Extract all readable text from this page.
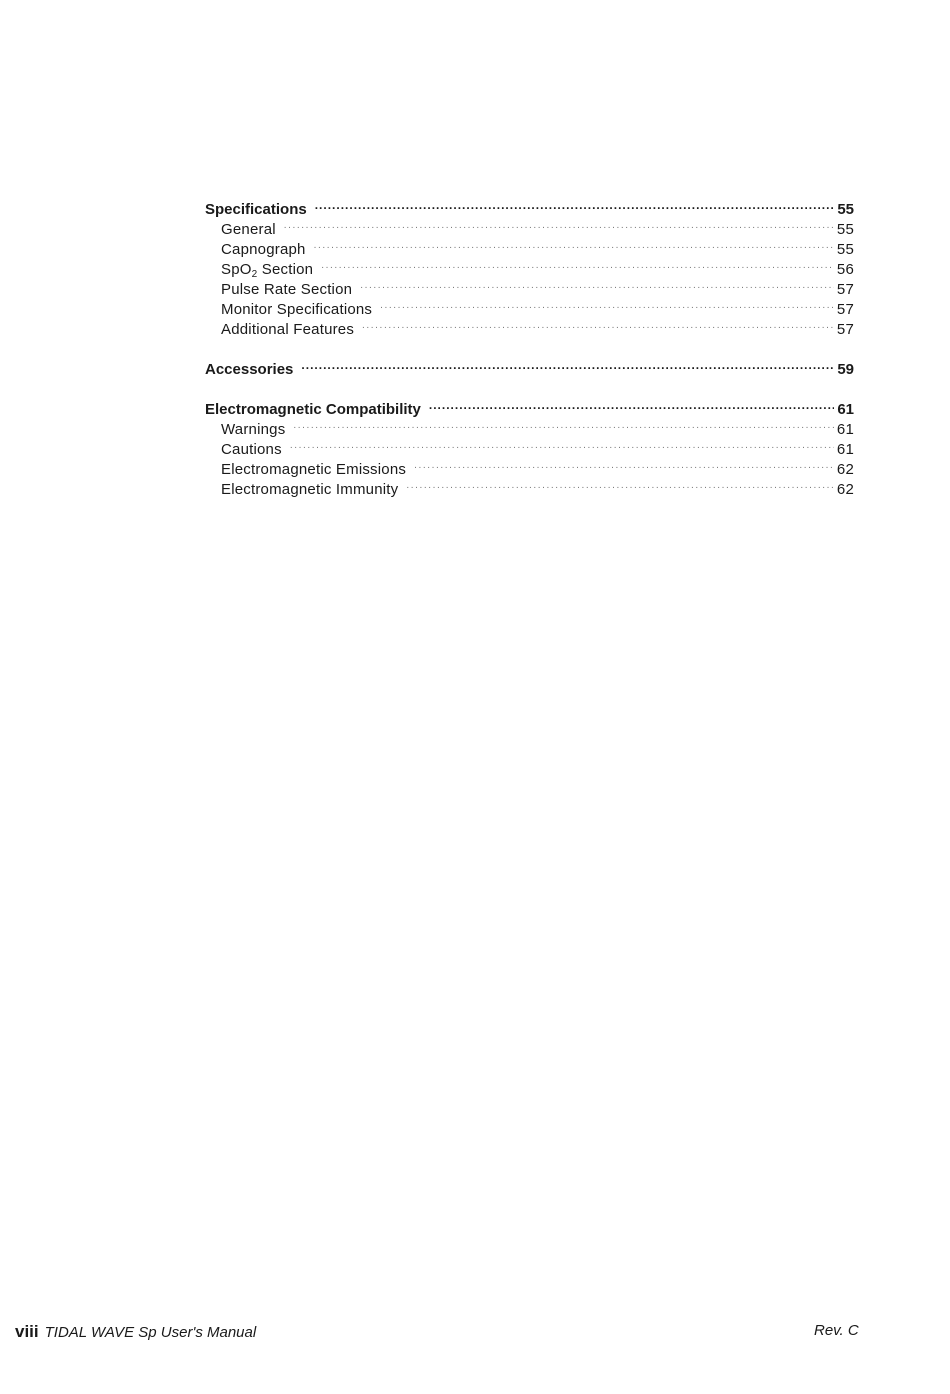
Specifications .....	55
General .....	55
Capnograph .....	55
SpO$_2$ Section .....	56
Pulse Rate Section .....	57
Monitor Specifications .....	57
Additional Features .....	57
Accessories .....	59
Electromagnetic Compatibility .....	61
Warnings .....	61
Cautions .....	61
Electromagnetic Emissions .....	62
Electromagnetic Immunity .....	62
viii TIDAL WAVE Sp User's Manual	Rev. C
